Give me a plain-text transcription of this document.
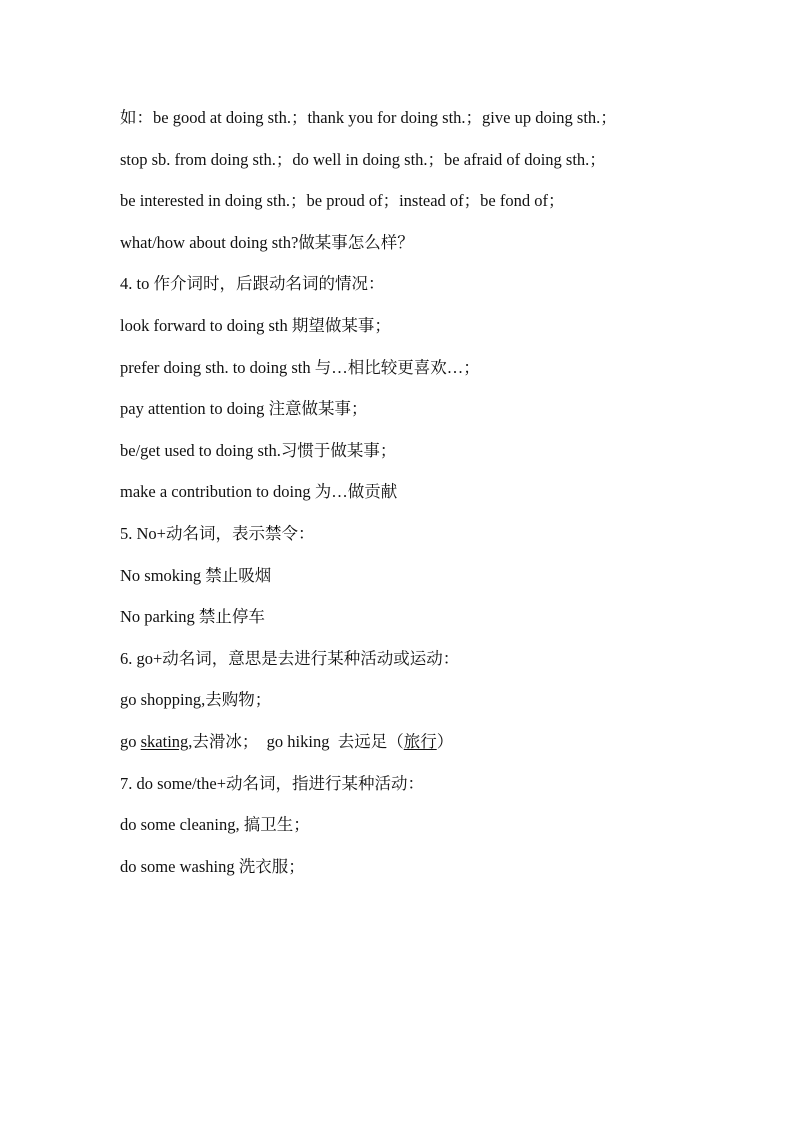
如：be good at doing sth.；thank you for doing sth.；give up doing sth.；
stop sb. from doing sth.；do well in doing sth.；be afraid of doing sth.；
be interested in doing sth.；be proud of；instead of；be fond of；
what/how about doing sth?做某事怎么样？
4. to 作介词时，后跟动名词的情况：
look forward to doing sth 期望做某事；
prefer doing sth. to doing sth 与…相比较更喜欢…；
pay attention to doing 注意做某事；
be/get used to doing sth.习惯于做某事；
make a contribution to doing 为…做贡献
5. No+动名词，表示禁令：
No smoking 禁止吸烟
No parking 禁止停车
6. go+动名词，意思是去进行某种活动或运动：
go shopping,去购物；
go skating,去滑冰；  go hiking  去远足（旅行）
7. do some/the+动名词，指进行某种活动：
do some cleaning, 搞卫生；
do some washing 洗衣服；
